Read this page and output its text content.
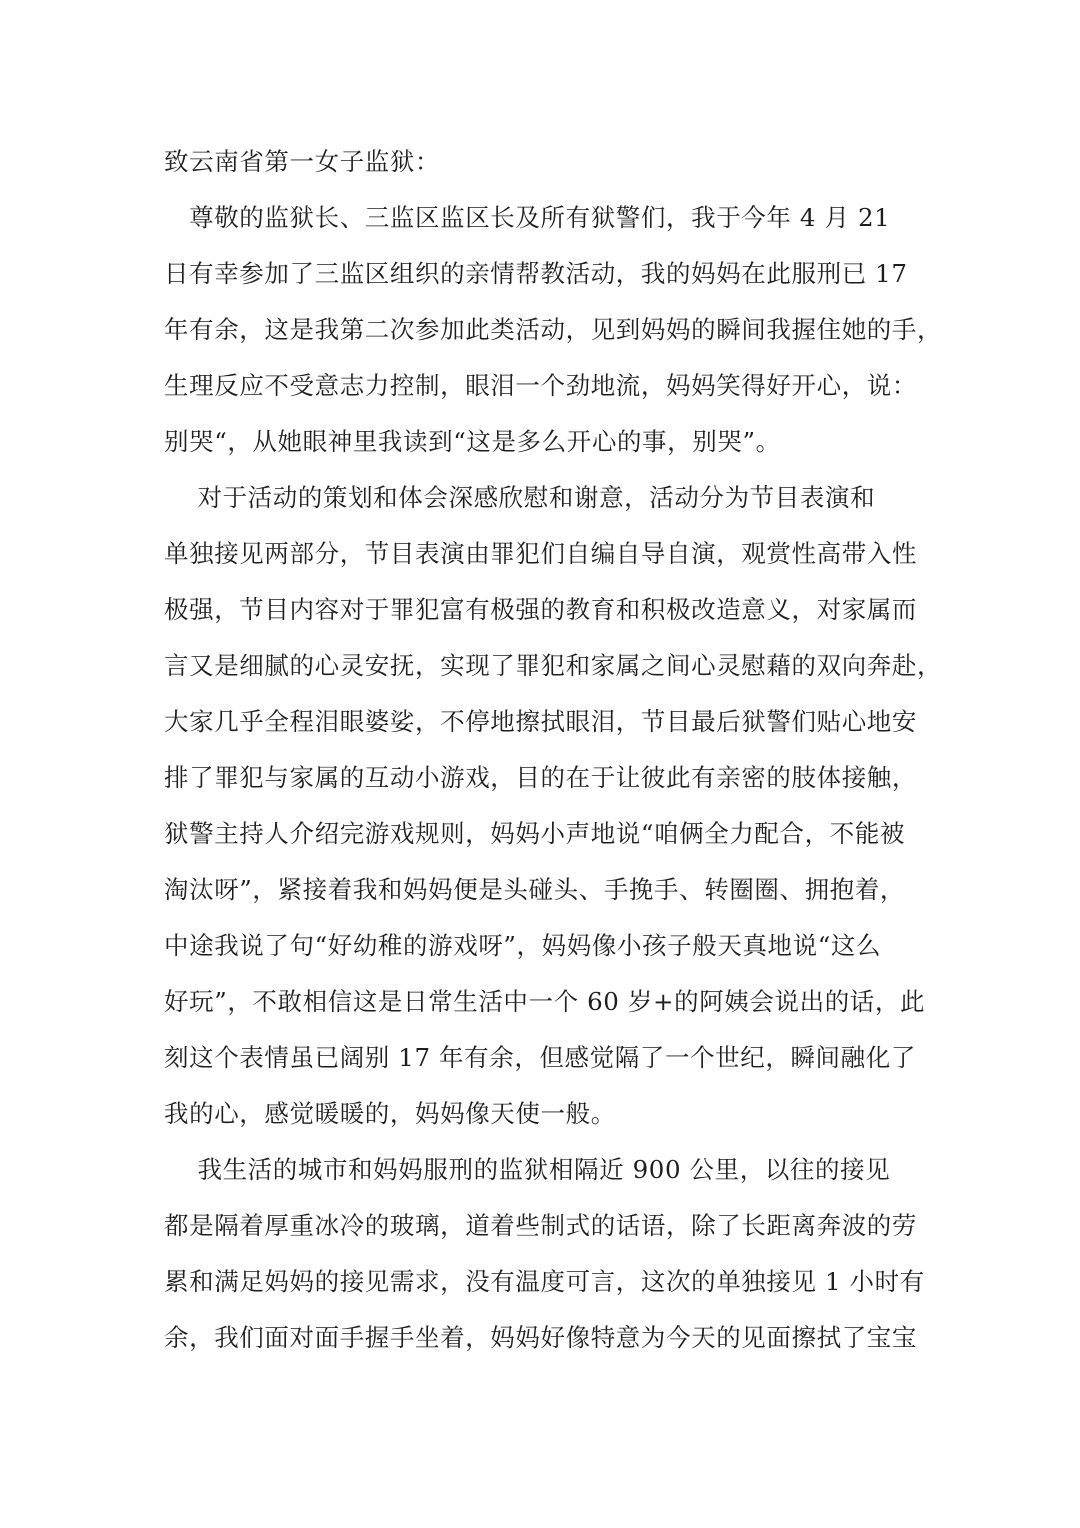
致云南省第一女子监狱：
　尊敬的监狱长、三监区监区长及所有狱警们，我于今年 4 月 21
日有幸参加了三监区组织的亲情帮教活动，我的妈妈在此服刑已 17
年有余，这是我第二次参加此类活动，见到妈妈的瞬间我握住她的手，
生理反应不受意志力控制，眼泪一个劲地流，妈妈笑得好开心，说：
别哭“，从她眼神里我读到“这是多么开心的事，别哭”。
　 对于活动的策划和体会深感欣慰和谢意，活动分为节目表演和
单独接见两部分，节目表演由罪犯们自编自导自演，观赏性高带入性
极强，节目内容对于罪犯富有极强的教育和积极改造意义，对家属而
言又是细腻的心灵安抚，实现了罪犯和家属之间心灵慰藉的双向奔赴，
大家几乎全程泪眼婆娑，不停地擦拭眼泪，节目最后狱警们贴心地安
排了罪犯与家属的互动小游戏，目的在于让彼此有亲密的肢体接触，
狱警主持人介绍完游戏规则，妈妈小声地说“咱俩全力配合，不能被
淘汰呀”，紧接着我和妈妈便是头碰头、手挽手、转圈圈、拥抱着，
中途我说了句“好幼稚的游戏呀”，妈妈像小孩子般天真地说“这么
好玩”，不敢相信这是日常生活中一个 60 岁+的阿姨会说出的话，此
刻这个表情虽已阔别 17 年有余，但感觉隔了一个世纪，瞬间融化了
我的心，感觉暖暖的，妈妈像天使一般。
　 我生活的城市和妈妈服刑的监狱相隔近 900 公里，以往的接见
都是隔着厚重冰冷的玻璃，道着些制式的话语，除了长距离奔波的劳
累和满足妈妈的接见需求，没有温度可言，这次的单独接见 1 小时有
余，我们面对面手握手坐着，妈妈好像特意为今天的见面擦拭了宝宝
